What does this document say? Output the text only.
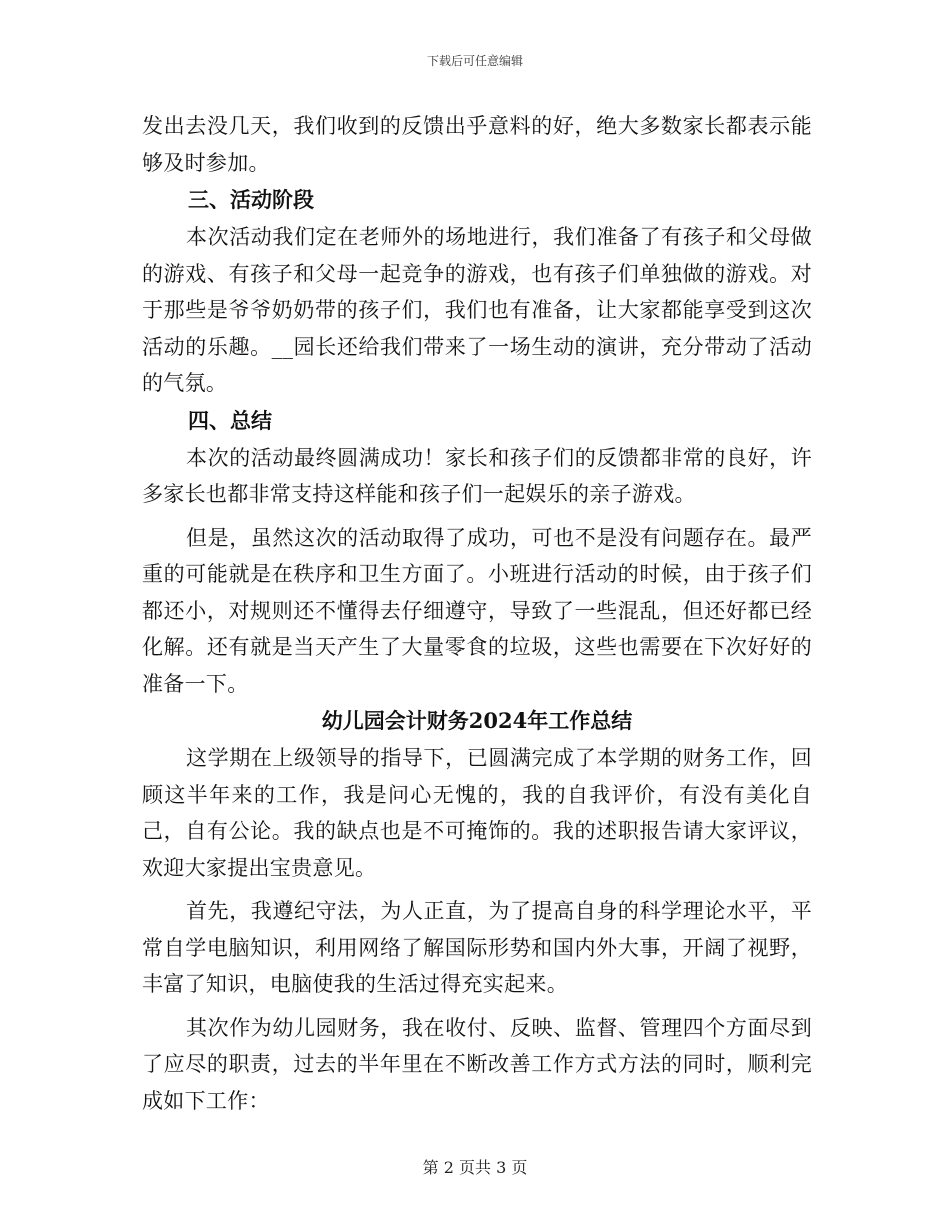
下载后可任意编辑

发出去没几天，我们收到的反馈出乎意料的好，绝大多数家长都表示能够及时参加。

三、活动阶段

本次活动我们定在老师外的场地进行，我们准备了有孩子和父母做的游戏、有孩子和父母一起竞争的游戏，也有孩子们单独做的游戏。对于那些是爷爷奶奶带的孩子们，我们也有准备，让大家都能享受到这次活动的乐趣。__园长还给我们带来了一场生动的演讲，充分带动了活动的气氛。

四、总结

本次的活动最终圆满成功！家长和孩子们的反馈都非常的良好，许多家长也都非常支持这样能和孩子们一起娱乐的亲子游戏。

但是，虽然这次的活动取得了成功，可也不是没有问题存在。最严重的可能就是在秩序和卫生方面了。小班进行活动的时候，由于孩子们都还小，对规则还不懂得去仔细遵守，导致了一些混乱，但还好都已经化解。还有就是当天产生了大量零食的垃圾，这些也需要在下次好好的准备一下。

幼儿园会计财务2024年工作总结

这学期在上级领导的指导下，已圆满完成了本学期的财务工作，回顾这半年来的工作，我是问心无愧的，我的自我评价，有没有美化自己，自有公论。我的缺点也是不可掩饰的。我的述职报告请大家评议，欢迎大家提出宝贵意见。

首先，我遵纪守法，为人正直，为了提高自身的科学理论水平，平常自学电脑知识，利用网络了解国际形势和国内外大事，开阔了视野，丰富了知识，电脑使我的生活过得充实起来。

其次作为幼儿园财务，我在收付、反映、监督、管理四个方面尽到了应尽的职责，过去的半年里在不断改善工作方式方法的同时，顺利完成如下工作：

第 2 页共 3 页
